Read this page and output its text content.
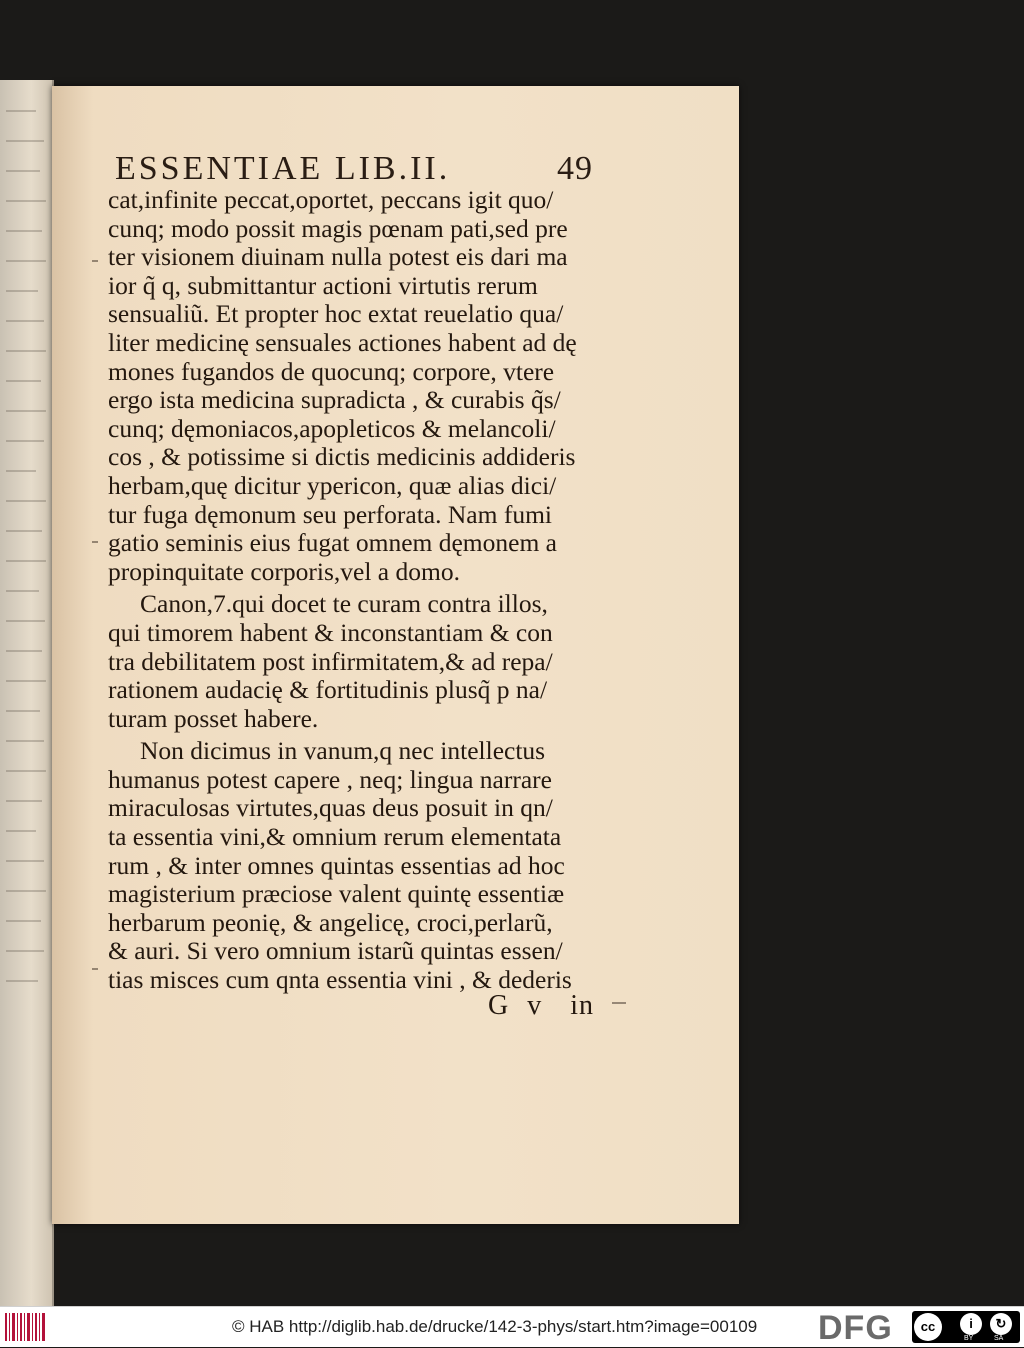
ESSENTIAE LIB.II.	49
cat,infinite peccat,oportet, peccans igit quo/
cunq; modo possit magis pœnam pati,sed pre
ter visionem diuinam nulla potest eis dari ma
ior q̃ q, submittantur actioni virtutis rerum
sensualiũ. Et propter hoc extat reuelatio qua/
liter medicinę sensuales actiones habent ad dę
mones fugandos de quocunq; corpore, vtere
ergo ista medicina supradicta , & curabis q̃s/
cunq; dęmoniacos,apopleticos & melancoli/
cos , & potissime si dictis medicinis addideris
herbam,quę dicitur ypericon, quæ alias dici/
tur fuga dęmonum seu perforata. Nam fumi
gatio seminis eius fugat omnem dęmonem a
propinquitate corporis,vel a domo.
Canon,7.qui docet te curam contra illos,
qui timorem habent & inconstantiam & con
tra debilitatem post infirmitatem,& ad repa/
rationem audacię & fortitudinis plusq̃ p na/
turam posset habere.
Non dicimus in vanum,q nec intellectus
humanus potest capere , neq; lingua narrare
miraculosas virtutes,quas deus posuit in qn/
ta essentia vini,& omnium rerum elementata
rum , & inter omnes quintas essentias ad hoc
magisterium præciose valent quintę essentiæ
herbarum peonię, & angelicę, croci,perlarũ,
& auri. Si vero omnium istarũ quintas essen/
tias misces cum qnta essentia vini , & dederis
G v in
© HAB http://diglib.hab.de/drucke/142-3-phys/start.htm?image=00109 DFG	cc	i	↻
BY	SA
